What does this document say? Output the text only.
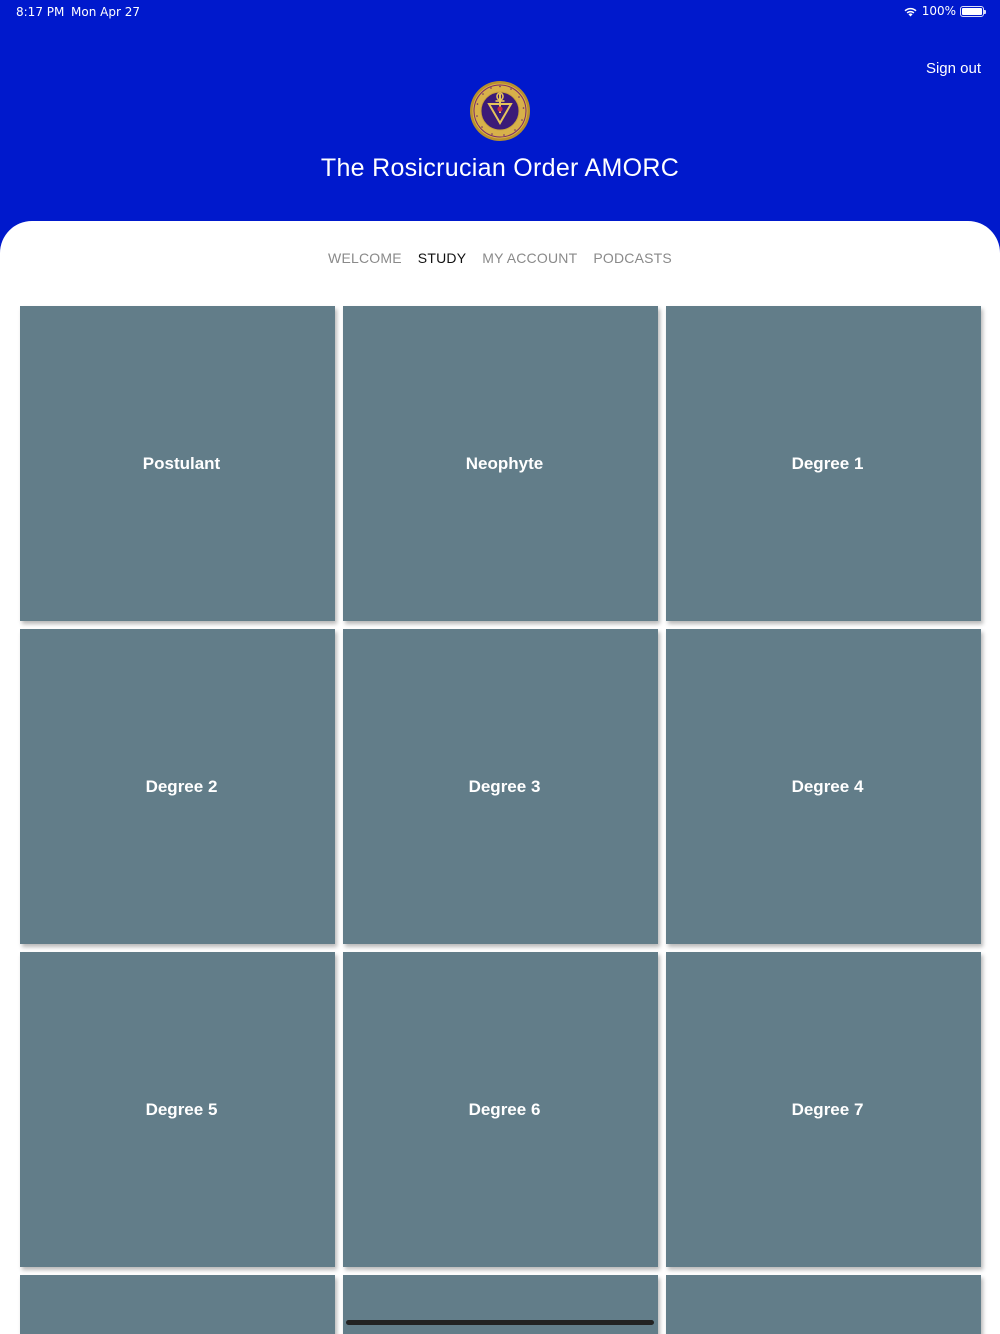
8:17 PM Mon Apr 27	100%
Sign out
The Rosicrucian Order AMORC
WELCOME STUDY MY ACCOUNT PODCASTS
Postulant	Neophyte	Degree 1
Degree 2	Degree 3	Degree 4
Degree 5	Degree 6	Degree 7
